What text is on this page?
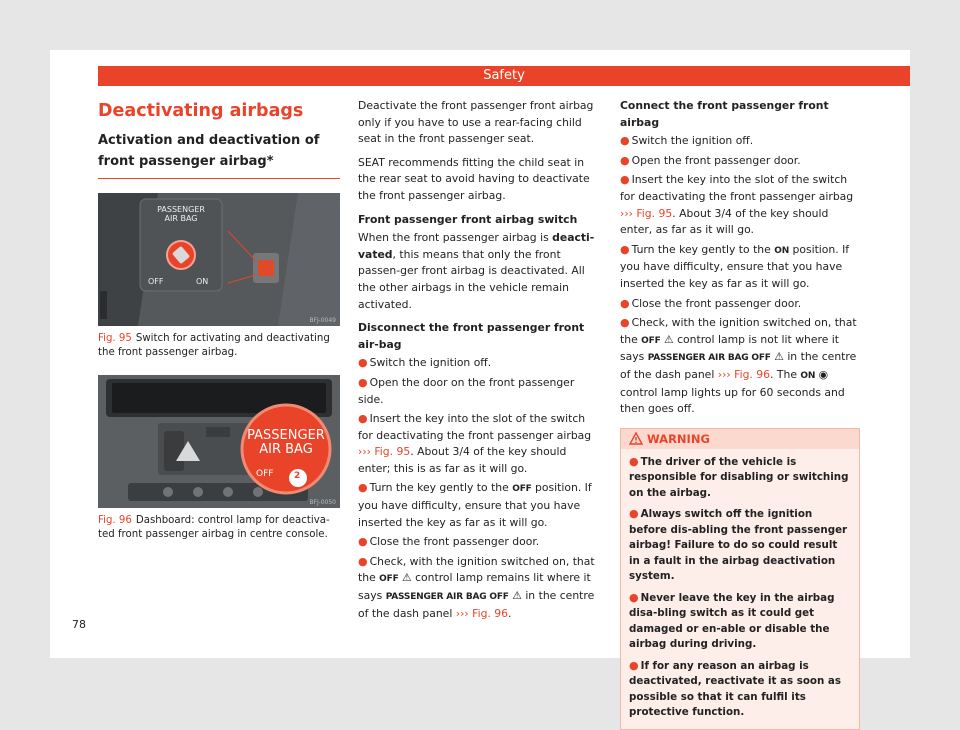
Safety
Deactivating airbags
Activation and deactivation of front passenger airbag*
PASSENGER
AIR BAG
OFF	ON
BFJ-0049
Fig. 95 Switch for activating and deactivating the front passenger airbag.
PASSENGER
AIR BAG
OFF 2
BFJ-0050
Fig. 96 Dashboard: control lamp for deactiva-ted front passenger airbag in centre console.

Deactivate the front passenger front airbag only if you have to use a rear-facing child seat in the front passenger seat.

SEAT recommends fitting the child seat in the rear seat to avoid having to deactivate the front passenger airbag.

Front passenger front airbag switch

When the front passenger airbag is deacti-vated, this means that only the front passen-ger front airbag is deactivated. All the other airbags in the vehicle remain activated.

Disconnect the front passenger front air-bag
● Switch the ignition off.
● Open the door on the front passenger side.
● Insert the key into the slot of the switch for deactivating the front passenger airbag ››› Fig. 95. About 3/4 of the key should enter; this is as far as it will go.
● Turn the key gently to the OFF position. If you have difficulty, ensure that you have inserted the key as far as it will go.
● Close the front passenger door.
● Check, with the ignition switched on, that the OFF ⚠ control lamp remains lit where it says PASSENGER AIR BAG OFF ⚠ in the centre of the dash panel ››› Fig. 96.
Connect the front passenger front airbag
● Switch the ignition off.
● Open the front passenger door.
● Insert the key into the slot of the switch for deactivating the front passenger airbag ››› Fig. 95. About 3/4 of the key should enter, as far as it will go.
● Turn the key gently to the ON position. If you have difficulty, ensure that you have inserted the key as far as it will go.
● Close the front passenger door.
● Check, with the ignition switched on, that the OFF ⚠ control lamp is not lit where it says PASSENGER AIR BAG OFF ⚠ in the centre of the dash panel ››› Fig. 96. The ON ◉ control lamp lights up for 60 seconds and then goes off.
WARNING
● The driver of the vehicle is responsible for disabling or switching on the airbag.
● Always switch off the ignition before dis-abling the front passenger airbag! Failure to do so could result in a fault in the airbag deactivation system.
● Never leave the key in the airbag disa-bling switch as it could get damaged or en-able or disable the airbag during driving.
● If for any reason an airbag is deactivated, reactivate it as soon as possible so that it can fulfil its protective function.
78
